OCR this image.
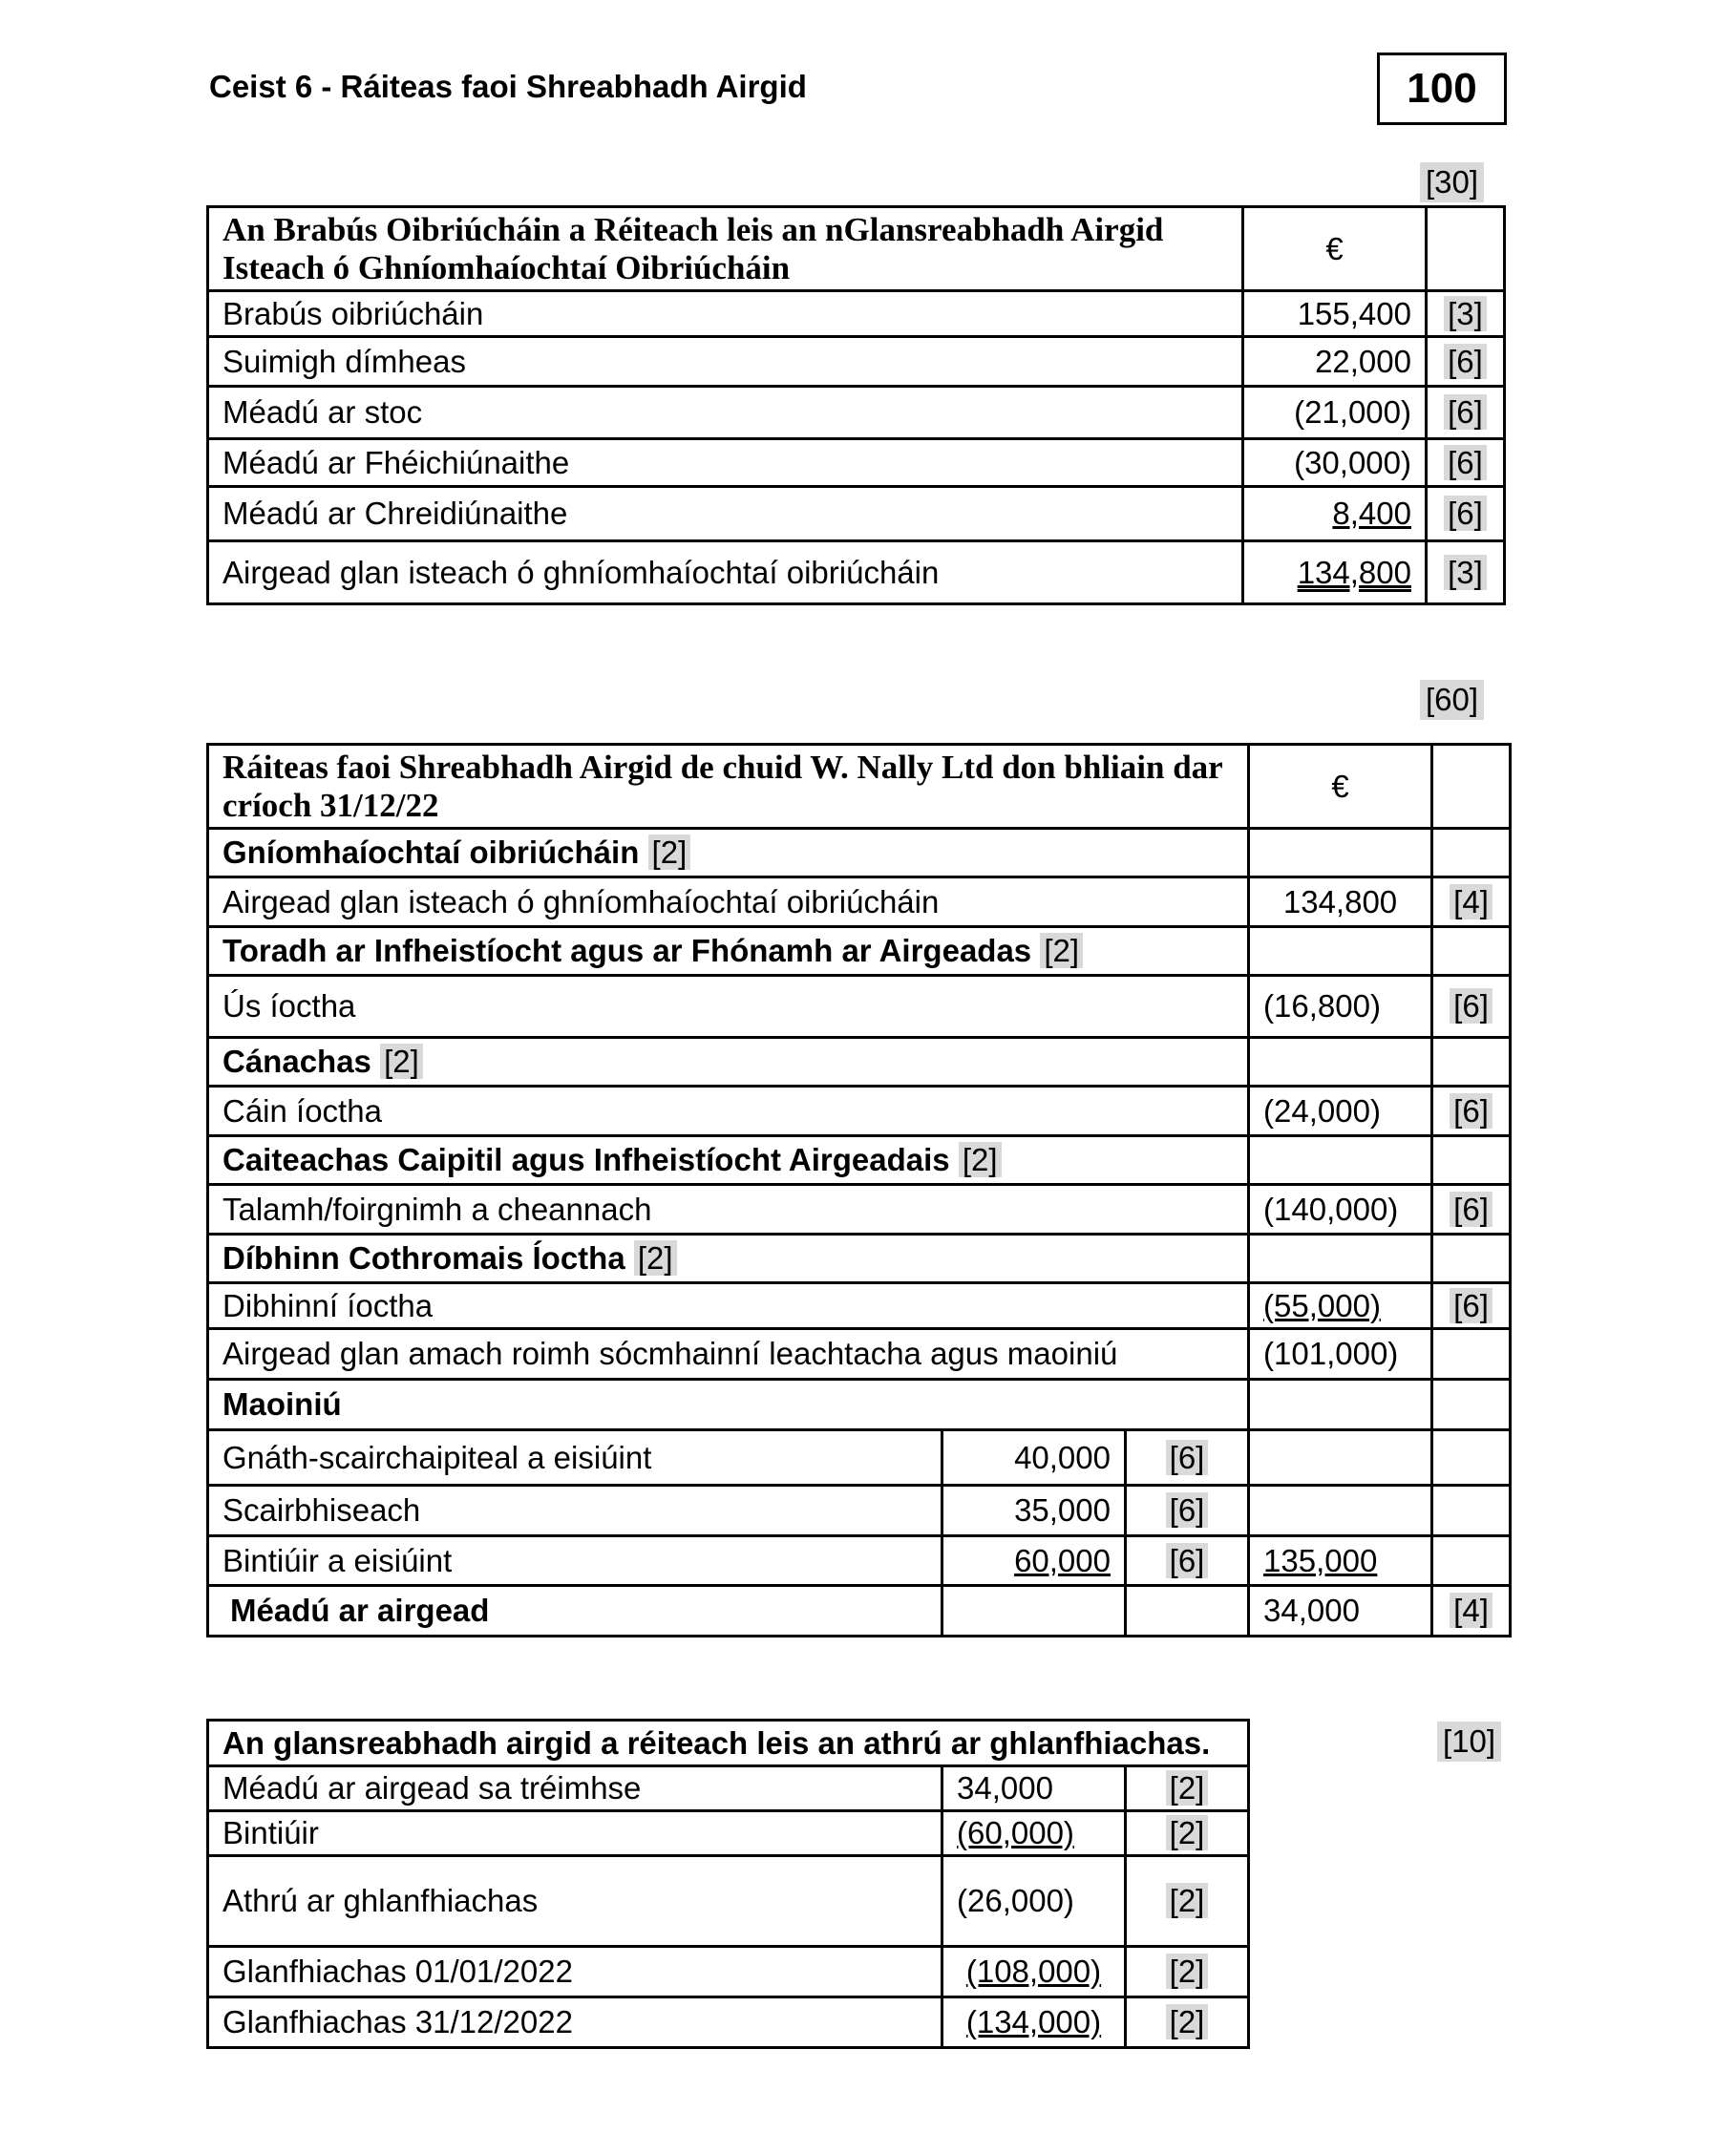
Ceist 6 - Ráiteas faoi Shreabhadh Airgid	100
[30]
An Brabús Oibriúcháin a Réiteach leis an nGlansreabhadh Airgid Isteach ó Ghníomhaíochtaí Oibriúcháin	€	
Brabús oibriúcháin	155,400	[3]
Suimigh dímheas	22,000	[6]
Méadú ar stoc	(21,000)	[6]
Méadú ar Fhéichiúnaithe	(30,000)	[6]
Méadú ar Chreidiúnaithe	8,400	[6]
Airgead glan isteach ó ghníomhaíochtaí oibriúcháin	134,800	[3]
[60]
Ráiteas faoi Shreabhadh Airgid de chuid W. Nally Ltd don bhliain dar críoch 31/12/22			€	
Gníomhaíochtaí oibriúcháin [2]				
Airgead glan isteach ó ghníomhaíochtaí oibriúcháin			134,800	[4]
Toradh ar Infheistíocht agus ar Fhónamh ar Airgeadas [2]				
Ús íoctha			(16,800)	[6]
Cánachas [2]				
Cáin íoctha			(24,000)	[6]
Caiteachas Caipitil agus Infheistíocht Airgeadais [2]				
Talamh/foirgnimh a cheannach			(140,000)	[6]
Díbhinn Cothromais Íoctha [2]				
Dibhinní íoctha			(55,000)	[6]
Airgead glan amach roimh sócmhainní leachtacha agus maoiniú			(101,000)	
Maoiniú				
Gnáth-scairchaipiteal a eisiúint	40,000	[6]		
Scairbhiseach	35,000	[6]		
Bintiúir a eisiúint	60,000	[6]	135,000	
Méadú ar airgead			34,000	[4]
[10]
An glansreabhadh airgid a réiteach leis an athrú ar ghlanfhiachas.		
Méadú ar airgead sa tréimhse	34,000	[2]
Bintiúir	(60,000)	[2]
Athrú ar ghlanfhiachas	(26,000)	[2]
Glanfhiachas 01/01/2022	(108,000)	[2]
Glanfhiachas 31/12/2022	(134,000)	[2]
